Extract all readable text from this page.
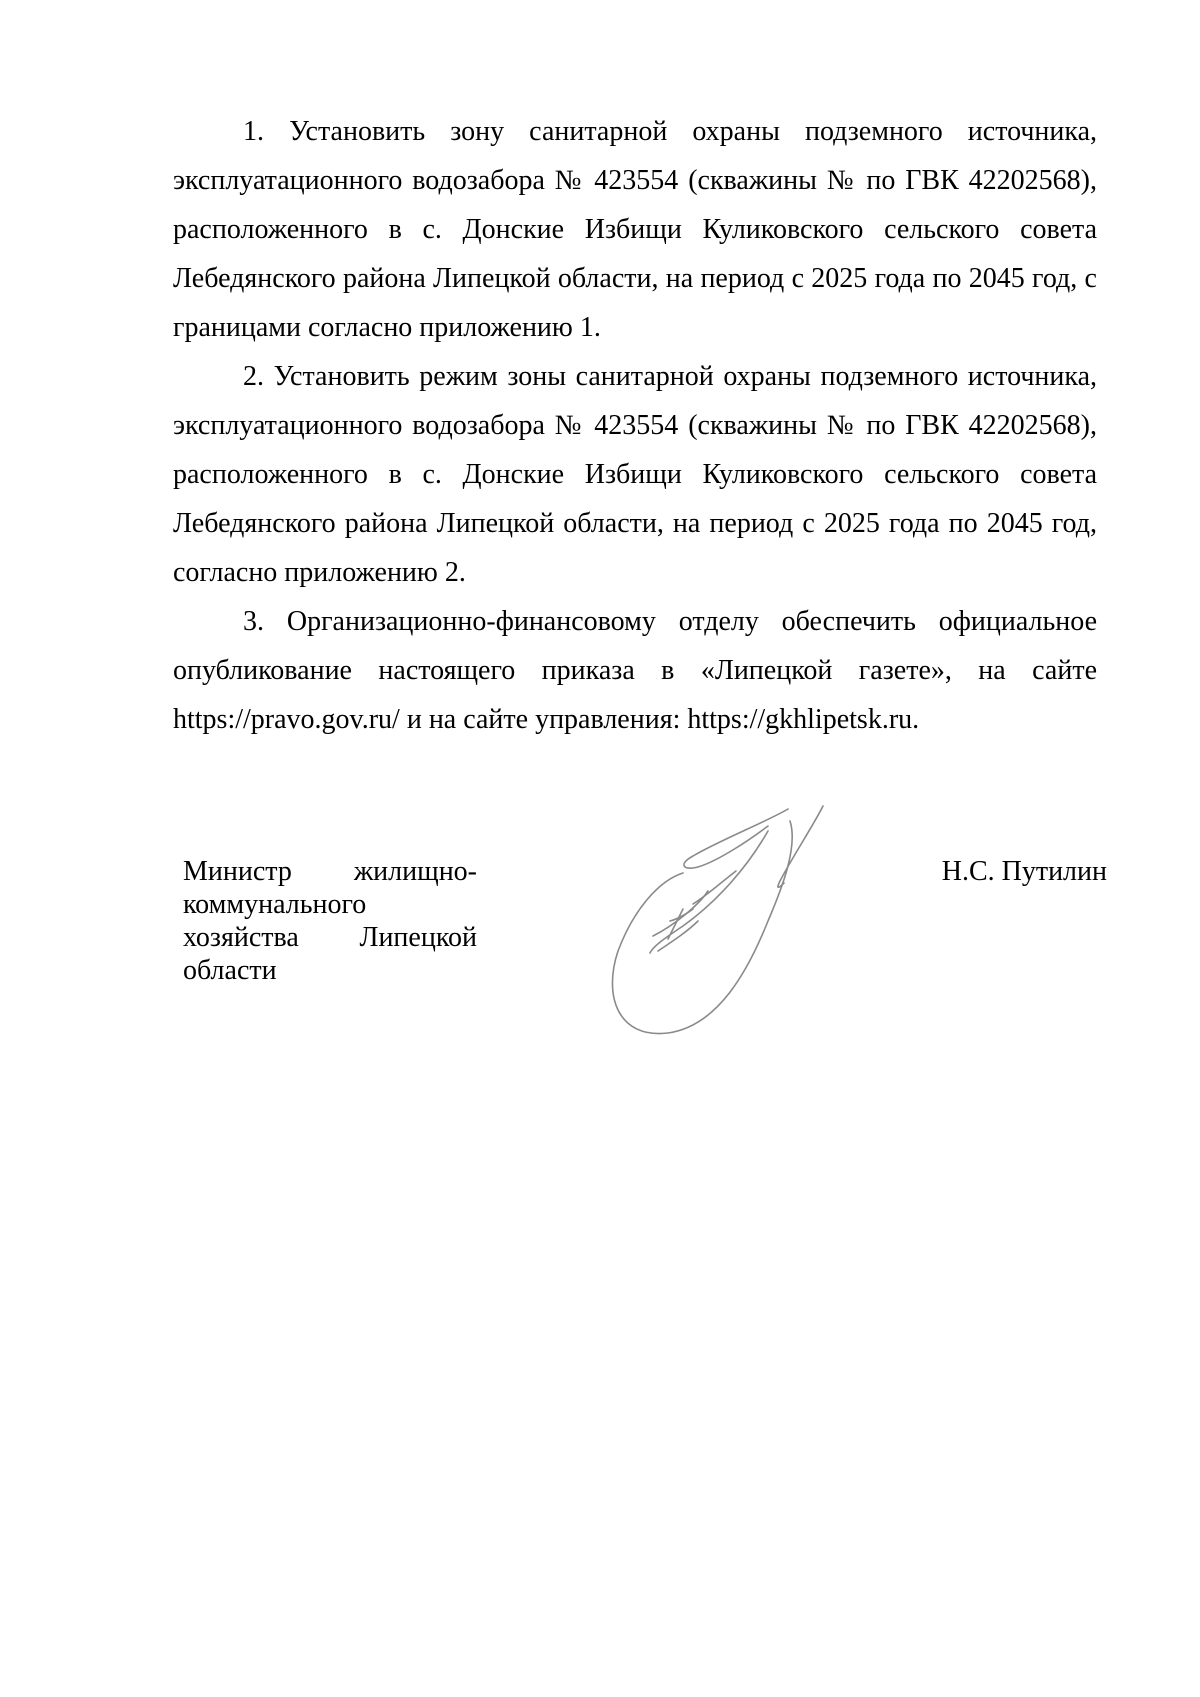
1. Установить зону санитарной охраны подземного источника, эксплуатационного водозабора № 423554 (скважины № по ГВК 42202568), расположенного в с. Донские Избищи Куликовского сельского совета Лебедянского района Липецкой области, на период с 2025 года по 2045 год, с границами согласно приложению 1.

2. Установить режим зоны санитарной охраны подземного источника, эксплуатационного водозабора № 423554 (скважины № по ГВК 42202568), расположенного в с. Донские Избищи Куликовского сельского совета Лебедянского района Липецкой области, на период с 2025 года по 2045 год, согласно приложению 2.

3. Организационно-финансовому отделу обеспечить официальное опубликование настоящего приказа в «Липецкой газете», на сайте https://pravo.gov.ru/ и на сайте управления: https://gkhlipetsk.ru.

Министр жилищно-коммунального хозяйства Липецкой области
Н.С. Путилин
